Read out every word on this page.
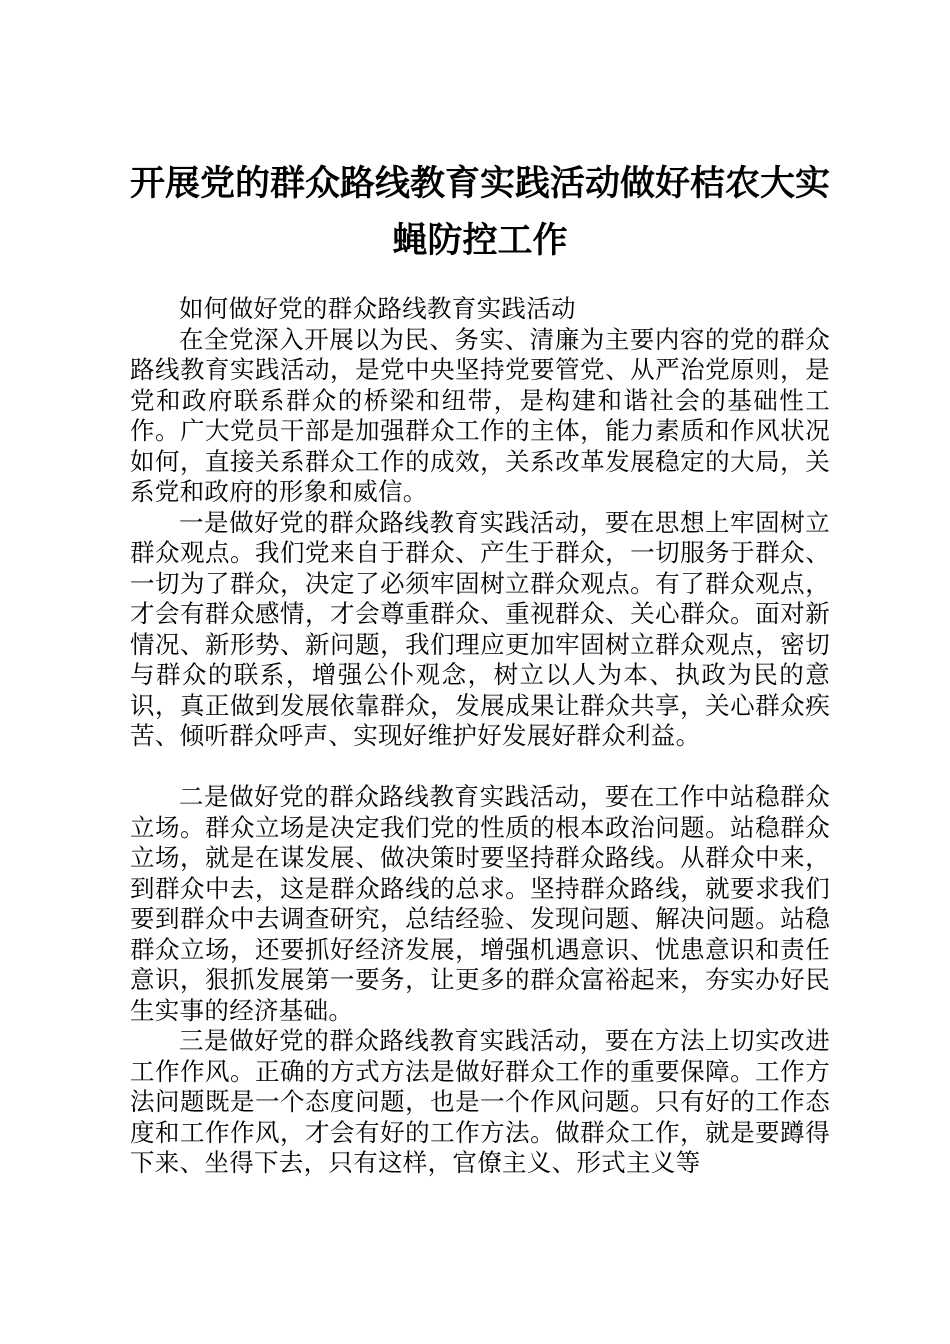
开展党的群众路线教育实践活动做好桔农大实
蝇防控工作

如何做好党的群众路线教育实践活动

在全党深入开展以为民、务实、清廉为主要内容的党的群众路线教育实践活动，是党中央坚持党要管党、从严治党原则，是党和政府联系群众的桥梁和纽带，是构建和谐社会的基础性工作。广大党员干部是加强群众工作的主体，能力素质和作风状况如何，直接关系群众工作的成效，关系改革发展稳定的大局，关系党和政府的形象和威信。

一是做好党的群众路线教育实践活动，要在思想上牢固树立群众观点。我们党来自于群众、产生于群众，一切服务于群众、一切为了群众，决定了必须牢固树立群众观点。有了群众观点，才会有群众感情，才会尊重群众、重视群众、关心群众。面对新情况、新形势、新问题，我们理应更加牢固树立群众观点，密切与群众的联系，增强公仆观念，树立以人为本、执政为民的意识，真正做到发展依靠群众，发展成果让群众共享，关心群众疾苦、倾听群众呼声、实现好维护好发展好群众利益。

二是做好党的群众路线教育实践活动，要在工作中站稳群众立场。群众立场是决定我们党的性质的根本政治问题。站稳群众立场，就是在谋发展、做决策时要坚持群众路线。从群众中来，到群众中去，这是群众路线的总求。坚持群众路线，就要求我们要到群众中去调查研究，总结经验、发现问题、解决问题。站稳群众立场，还要抓好经济发展，增强机遇意识、忧患意识和责任意识，狠抓发展第一要务，让更多的群众富裕起来，夯实办好民生实事的经济基础。

三是做好党的群众路线教育实践活动，要在方法上切实改进工作作风。正确的方式方法是做好群众工作的重要保障。工作方法问题既是一个态度问题，也是一个作风问题。只有好的工作态度和工作作风，才会有好的工作方法。做群众工作，就是要蹲得下来、坐得下去，只有这样，官僚主义、形式主义等
